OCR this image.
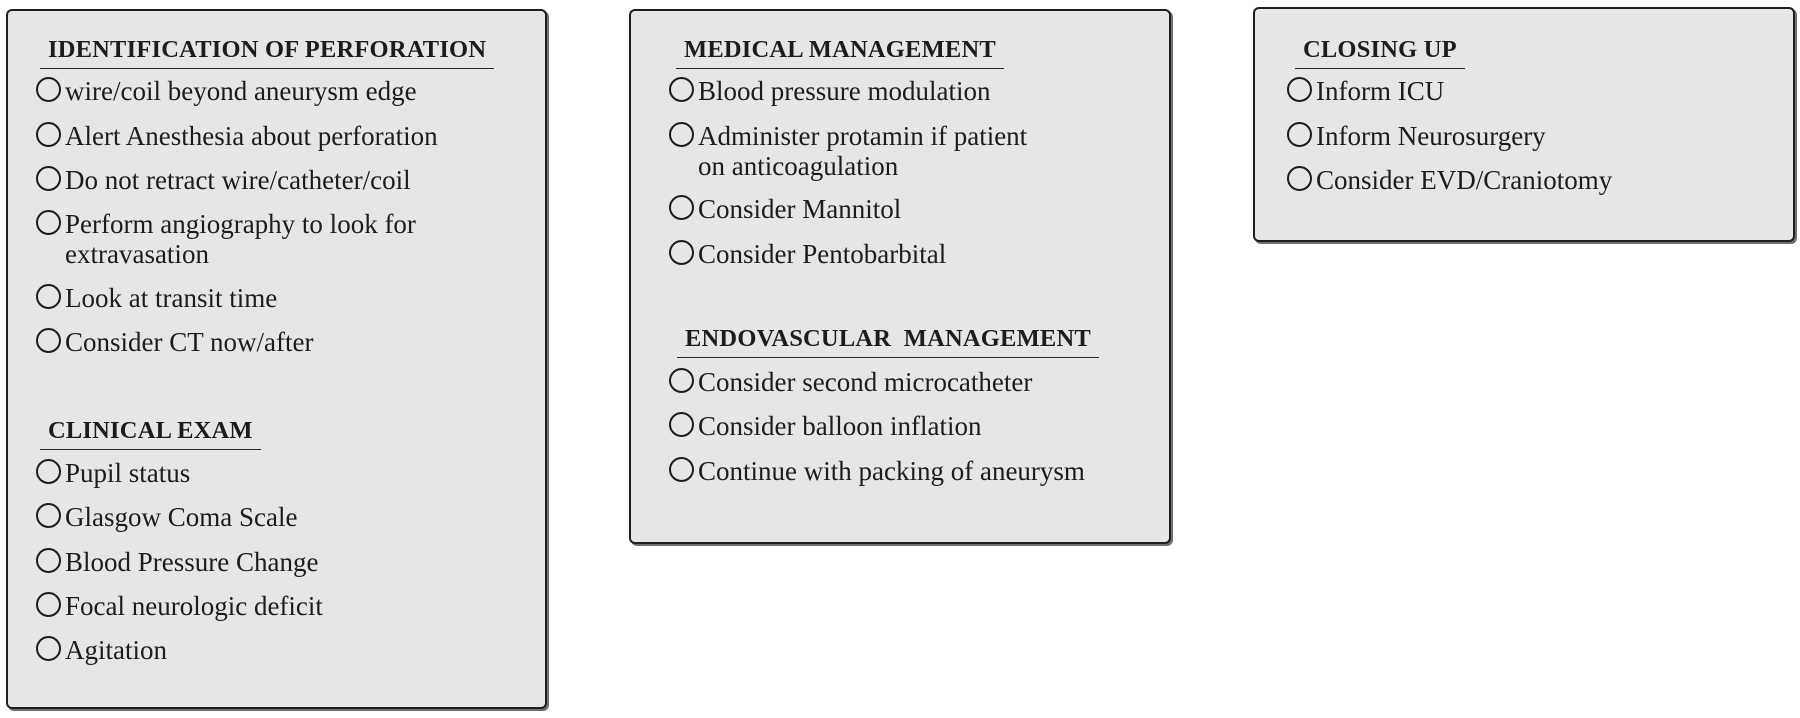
IDENTIFICATION OF PERFORATION
wire/coil beyond aneurysm edge
Alert Anesthesia about perforation
Do not retract wire/catheter/coil
Perform angiography to look for
extravasation
Look at transit time
Consider CT now/after
CLINICAL EXAM
Pupil status
Glasgow Coma Scale
Blood Pressure Change
Focal neurologic deficit
Agitation
MEDICAL MANAGEMENT
Blood pressure modulation
Administer protamin if patient
on anticoagulation
Consider Mannitol
Consider Pentobarbital
ENDOVASCULAR  MANAGEMENT
Consider second microcatheter
Consider balloon inflation
Continue with packing of aneurysm
CLOSING UP
Inform ICU
Inform Neurosurgery
Consider EVD/Craniotomy
